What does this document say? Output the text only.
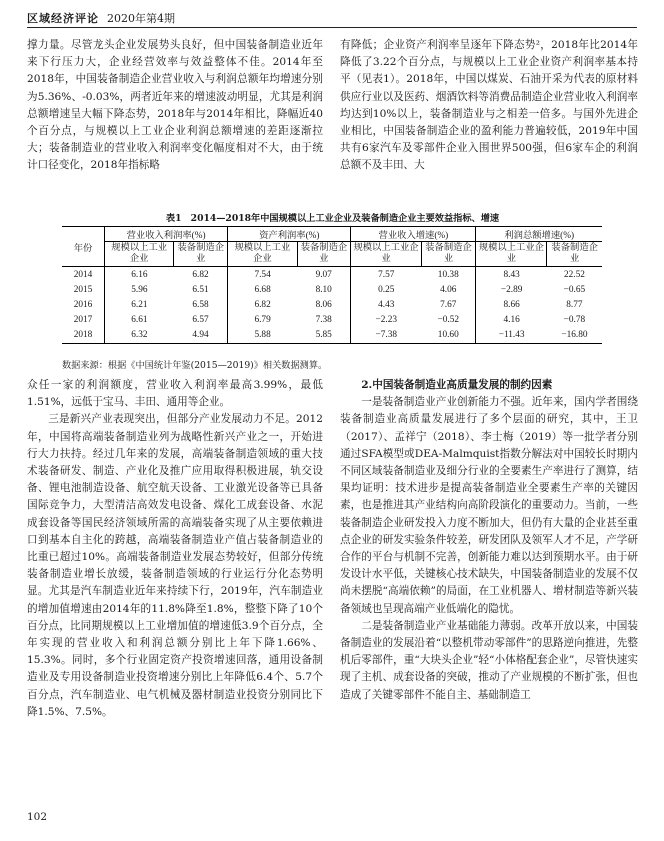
区域经济评论 2020年第4期

撑力量。尽管龙头企业发展势头良好，但中国装备制造业近年来下行压力大，企业经营效率与效益整体不佳。2014年至2018年，中国装备制造企业营业收入与利润总额年均增速分别为5.36%、-0.03%，两者近年来的增速波动明显，尤其是利润总额增速呈大幅下降态势，2018年与2014年相比，降幅近40个百分点，与规模以上工业企业利润总额增速的差距逐渐拉大；装备制造业的营业收入利润率变化幅度相对不大，由于统计口径变化，2018年指标略

有降低；企业资产利润率呈逐年下降态势²，2018年比2014年降低了3.22个百分点，与规模以上工业企业资产利润率基本持平（见表1）。2018年，中国以煤炭、石油开采为代表的原材料供应行业以及医药、烟酒饮料等消费品制造企业营业收入利润率均达到10%以上，装备制造业与之相差一倍多。与国外先进企业相比，中国装备制造企业的盈利能力普遍较低，2019年中国共有6家汽车及零部件企业入围世界500强，但6家车企的利润总额不及丰田、大

表1　2014—2018年中国规模以上工业企业及装备制造企业主要效益指标、增速
年份	营业收入利润率(%)		资产利润率(%)		营业收入增速(%)		利润总额增速(%)	
	规模以上工业企业	装备制造企业	规模以上工业企业	装备制造企业	规模以上工业企业	装备制造企业	规模以上工业企业	装备制造企业
2014	6.16	6.82	7.54	9.07	7.57	10.38	8.43	22.52
2015	5.96	6.51	6.68	8.10	0.25	4.06	−2.89	−0.65
2016	6.21	6.58	6.82	8.06	4.43	7.67	8.66	8.77
2017	6.61	6.57	6.79	7.38	−2.23	−0.52	4.16	−0.78
2018	6.32	4.94	5.88	5.85	−7.38	10.60	−11.43	−16.80
数据来源：根据《中国统计年鉴(2015—2019)》相关数据测算。

众任一家的利润额度，营业收入利润率最高3.99%，最低1.51%，远低于宝马、丰田、通用等企业。

三是新兴产业表现突出，但部分产业发展动力不足。2012年，中国将高端装备制造业列为战略性新兴产业之一，开始进行大力扶持。经过几年来的发展，高端装备制造领域的重大技术装备研发、制造、产业化及推广应用取得积极进展，轨交设备、锂电池制造设备、航空航天设备、工业激光设备等已具备国际竞争力，大型清洁高效发电设备、煤化工成套设备、水泥成套设备等国民经济领域所需的高端装备实现了从主要依赖进口到基本自主化的跨越，高端装备制造业产值占装备制造业的比重已超过10%。高端装备制造业发展态势较好，但部分传统装备制造业增长放缓，装备制造领域的行业运行分化态势明显。尤其是汽车制造业近年来持续下行，2019年，汽车制造业的增加值增速由2014年的11.8%降至1.8%，整整下降了10个百分点，比同期规模以上工业增加值的增速低3.9个百分点，全年实现的营业收入和利润总额分别比上年下降1.66%、15.3%。同时，多个行业固定资产投资增速回落，通用设备制造业及专用设备制造业投资增速分别比上年降低6.4个、5.7个百分点，汽车制造业、电气机械及器材制造业投资分别同比下降1.5%、7.5%。

2.中国装备制造业高质量发展的制约因素

一是装备制造业产业创新能力不强。近年来，国内学者围绕装备制造业高质量发展进行了多个层面的研究，其中，王卫（2017）、孟祥宁（2018）、李士梅（2019）等一批学者分别通过SFA模型或DEA-Malmquist指数分解法对中国较长时期内不同区域装备制造业及细分行业的全要素生产率进行了测算，结果均证明：技术进步是提高装备制造业全要素生产率的关键因素，也是推进其产业结构向高阶段演化的重要动力。当前，一些装备制造企业研发投入力度不断加大，但仍有大量的企业甚至重点企业的研发实验条件较差，研发团队及领军人才不足，产学研合作的平台与机制不完善，创新能力难以达到预期水平。由于研发设计水平低，关键核心技术缺失，中国装备制造业的发展不仅尚未摆脱“高端依赖”的局面，在工业机器人、增材制造等新兴装备领域也呈现高端产业低端化的隐忧。

二是装备制造业产业基础能力薄弱。改革开放以来，中国装备制造业的发展沿着“以整机带动零部件”的思路逆向推进，先整机后零部件，重“大块头企业”轻“小体格配套企业”，尽管快速实现了主机、成套设备的突破，推动了产业规模的不断扩张，但也造成了关键零部件不能自主、基础制造工

102
